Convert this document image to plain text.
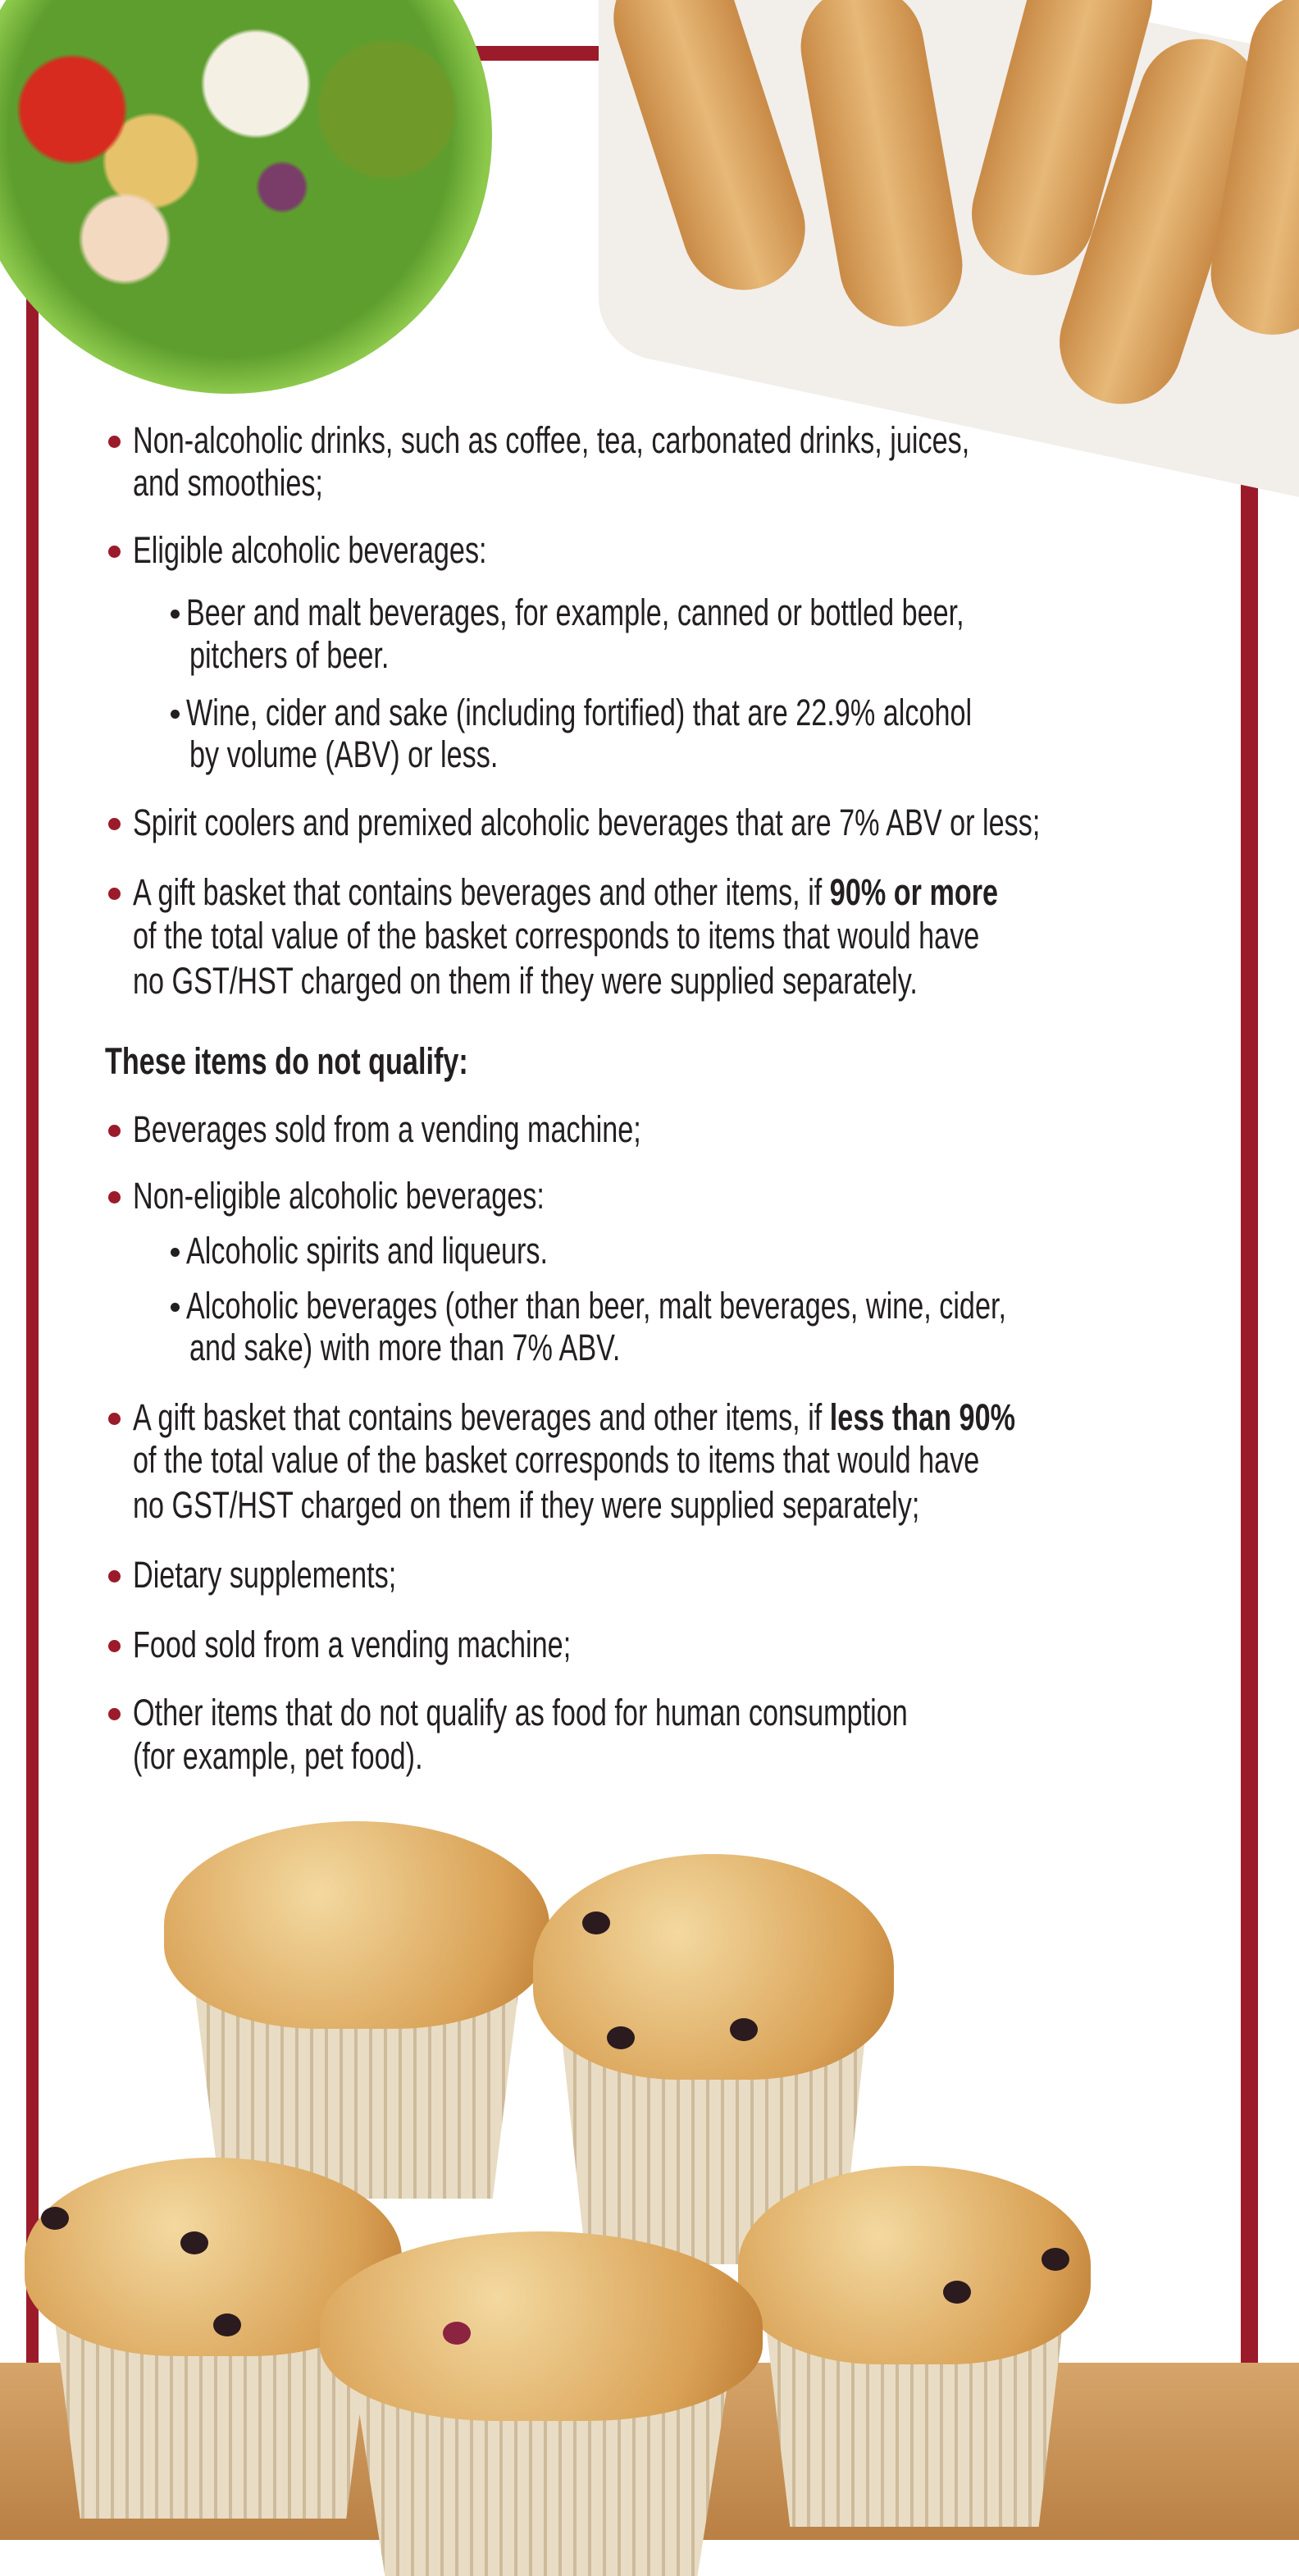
Non-alcoholic drinks, such as coffee, tea, carbonated drinks, juices,
and smoothies;
Eligible alcoholic beverages:
Beer and malt beverages, for example, canned or bottled beer,
pitchers of beer.
Wine, cider and sake (including fortified) that are 22.9% alcohol
by volume (ABV) or less.
Spirit coolers and premixed alcoholic beverages that are 7% ABV or less;
A gift basket that contains beverages and other items, if 90% or more
of the total value of the basket corresponds to items that would have
no GST/HST charged on them if they were supplied separately.
These items do not qualify:
Beverages sold from a vending machine;
Non-eligible alcoholic beverages:
Alcoholic spirits and liqueurs.
Alcoholic beverages (other than beer, malt beverages, wine, cider,
and sake) with more than 7% ABV.
A gift basket that contains beverages and other items, if less than 90%
of the total value of the basket corresponds to items that would have
no GST/HST charged on them if they were supplied separately;
Dietary supplements;
Food sold from a vending machine;
Other items that do not qualify as food for human consumption
(for example, pet food).
